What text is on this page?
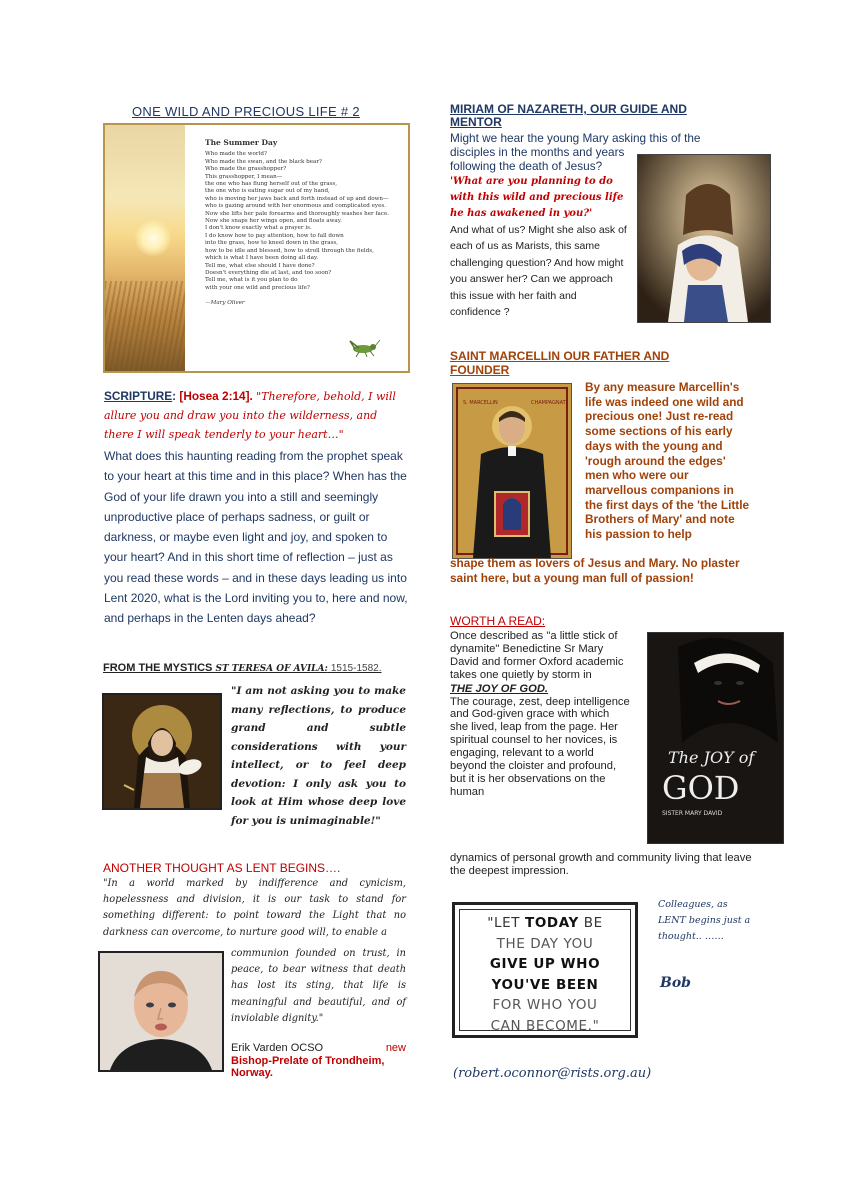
ONE WILD AND PRECIOUS LIFE # 2
The Summer Day
Who made the world?
Who made the swan, and the black bear?
Who made the grasshopper?
This grasshopper, I mean—
the one who has flung herself out of the grass,
the one who is eating sugar out of my hand,
who is moving her jaws back and forth instead of up and down—
who is gazing around with her enormous and complicated eyes.
Now she lifts her pale forearms and thoroughly washes her face.
Now she snaps her wings open, and floats away.
I don't know exactly what a prayer is.
I do know how to pay attention, how to fall down
into the grass, how to kneel down in the grass,
how to be idle and blessed, how to stroll through the fields,
which is what I have been doing all day.
Tell me, what else should I have done?
Doesn't everything die at last, and too soon?
Tell me, what is it you plan to do
with your one wild and precious life?
—Mary Oliver
SCRIPTURE: [Hosea 2:14]. "Therefore, behold, I will allure you and draw you into the wilderness, and there I will speak tenderly to your heart…"
What does this haunting reading from the prophet speak to your heart at this time and in this place? When has the God of your life drawn you into a still and seemingly unproductive place of perhaps sadness, or guilt or darkness, or maybe even light and joy, and spoken to your heart? And in this short time of reflection – just as you read these words – and in these days leading us into Lent 2020, what is the Lord inviting you to, here and now, and perhaps in the Lenten days ahead?
FROM THE MYSTICS ST TERESA OF AVILA: 1515-1582.
"I am not asking you to make many reflections, to produce grand and subtle considerations with your intellect, or to feel deep devotion: I only ask you to look at Him whose deep love for you is unimaginable!"
ANOTHER THOUGHT AS LENT BEGINS….
"In a world marked by indifference and cynicism, hopelessness and division, it is our task to stand for something different: to point toward the Light that no darkness can overcome, to nurture good will, to enable a
communion founded on trust, in peace, to bear witness that death has lost its sting, that life is meaningful and beautiful, and of inviolable dignity."
Erik Varden OCSO	new
Bishop-Prelate of Trondheim, Norway.
MIRIAM OF NAZARETH, OUR GUIDE AND MENTOR
Might we hear the young Mary asking this of the
disciples in the months and years following the death of Jesus?
'What are you planning to do with this wild and precious life he has awakened in you?'
And what of us? Might she also ask of each of us as Marists, this same challenging question? And how might you answer her? Can we approach this issue with her faith and confidence ?
SAINT MARCELLIN OUR FATHER AND FOUNDER
S. MARCELLIN	CHAMPAGNAT
By any measure Marcellin's life was indeed one wild and precious one! Just re-read some sections of his early days with the young and 'rough around the edges' men who were our marvellous companions in the first days of the 'the Little Brothers of Mary' and note his passion to help
shape them as lovers of Jesus and Mary. No plaster saint here, but a young man full of passion!
WORTH A READ:
Once described as "a little stick of dynamite" Benedictine Sr Mary David and former Oxford academic takes one quietly by storm in
THE JOY OF GOD.
The courage, zest, deep intelligence and God-given grace with which she lived, leap from the page. Her spiritual counsel to her novices, is engaging, relevant to a world beyond the cloister and profound, but it is her observations on the human
dynamics of personal growth and community living that leave the deepest impression.
The JOY of
GOD
SISTER MARY DAVID
"LET TODAY BE
THE DAY YOU
GIVE UP WHO
YOU'VE BEEN
FOR WHO YOU
CAN BECOME."
Colleagues, as LENT begins just a thought.. ……
Bob
(robert.oconnor@rists.org.au)
